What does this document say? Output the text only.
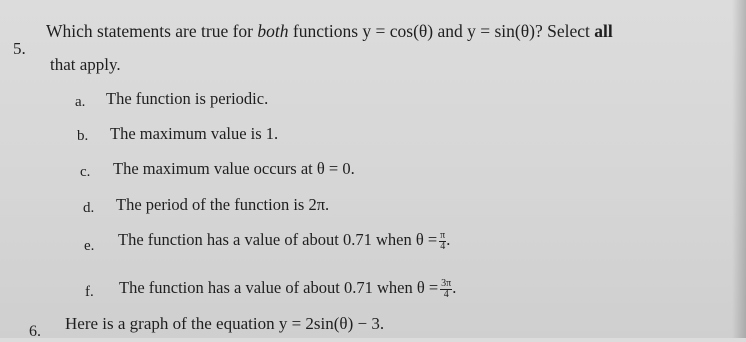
5.
Which statements are true for both functions y = cos(θ) and y = sin(θ)? Select all
that apply.
a. The function is periodic.
b. The maximum value is 1.
c. The maximum value occurs at θ = 0.
d. The period of the function is 2π.
e. The function has a value of about 0.71 when $\theta = \frac{\pi}{4}$ .
f. The function has a value of about 0.71 when $\theta = \frac{3\pi}{4}$ .
6. Here is a graph of the equation y = 2sin(θ) − 3.
